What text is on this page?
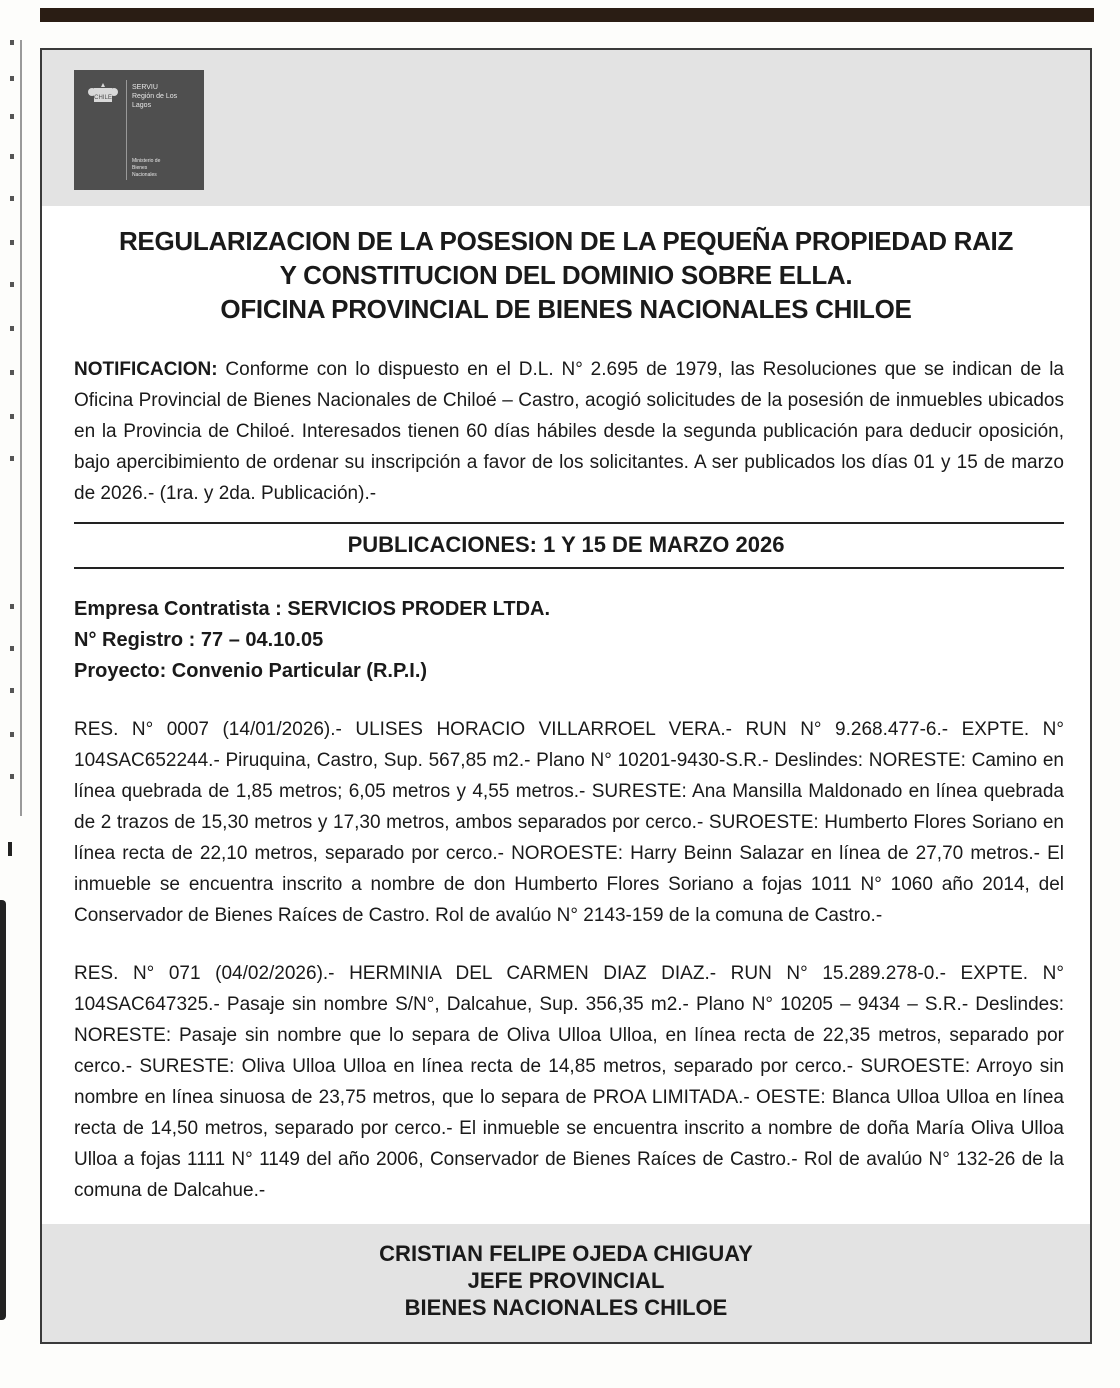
CHILE
SERVIU
Región de Los Lagos
Ministerio de
Bienes
Nacionales
REGULARIZACION DE LA POSESION DE LA PEQUEÑA PROPIEDAD RAIZ
Y CONSTITUCION DEL DOMINIO SOBRE ELLA.
OFICINA PROVINCIAL DE BIENES NACIONALES CHILOE
NOTIFICACION: Conforme con lo dispuesto en el D.L. N° 2.695 de 1979, las Resoluciones que se indican de la Oficina Provincial de Bienes Nacionales de Chiloé – Castro, acogió solicitudes de la posesión de inmuebles ubicados en la Provincia de Chiloé. Interesados tienen 60 días hábiles desde la segunda publicación para deducir oposición, bajo apercibimiento de ordenar su inscripción a favor de los solicitantes. A ser publicados los días 01 y 15 de marzo de 2026.- (1ra. y 2da. Publicación).-
PUBLICACIONES: 1 Y 15 DE MARZO 2026
Empresa Contratista : SERVICIOS PRODER LTDA.
N° Registro : 77 – 04.10.05
Proyecto: Convenio Particular (R.P.I.)
RES. N° 0007 (14/01/2026).- ULISES HORACIO VILLARROEL VERA.- RUN N° 9.268.477-6.- EXPTE. N° 104SAC652244.- Piruquina, Castro, Sup. 567,85 m2.- Plano N° 10201-9430-S.R.- Deslindes: NORESTE: Camino en línea quebrada de 1,85 metros; 6,05 metros y 4,55 metros.- SURESTE: Ana Mansilla Maldonado en línea quebrada de 2 trazos de 15,30 metros y 17,30 metros, ambos separados por cerco.- SUROESTE: Humberto Flores Soriano en línea recta de 22,10 metros, separado por cerco.- NOROESTE: Harry Beinn Salazar en línea de 27,70 metros.- El inmueble se encuentra inscrito a nombre de don Humberto Flores Soriano a fojas 1011 N° 1060 año 2014, del Conservador de Bienes Raíces de Castro. Rol de avalúo N° 2143-159 de la comuna de Castro.-
RES. N° 071 (04/02/2026).- HERMINIA DEL CARMEN DIAZ DIAZ.- RUN N° 15.289.278-0.- EXPTE. N° 104SAC647325.- Pasaje sin nombre S/N°, Dalcahue, Sup. 356,35 m2.- Plano N° 10205 – 9434 – S.R.- Deslindes: NORESTE: Pasaje sin nombre que lo separa de Oliva Ulloa Ulloa, en línea recta de 22,35 metros, separado por cerco.- SURESTE: Oliva Ulloa Ulloa en línea recta de 14,85 metros, separado por cerco.- SUROESTE: Arroyo sin nombre en línea sinuosa de 23,75 metros, que lo separa de PROA LIMITADA.- OESTE: Blanca Ulloa Ulloa en línea recta de 14,50 metros, separado por cerco.- El inmueble se encuentra inscrito a nombre de doña María Oliva Ulloa Ulloa a fojas 1111 N° 1149 del año 2006, Conservador de Bienes Raíces de Castro.- Rol de avalúo N° 132-26 de la comuna de Dalcahue.-
CRISTIAN FELIPE OJEDA CHIGUAY
JEFE PROVINCIAL
BIENES NACIONALES CHILOE
